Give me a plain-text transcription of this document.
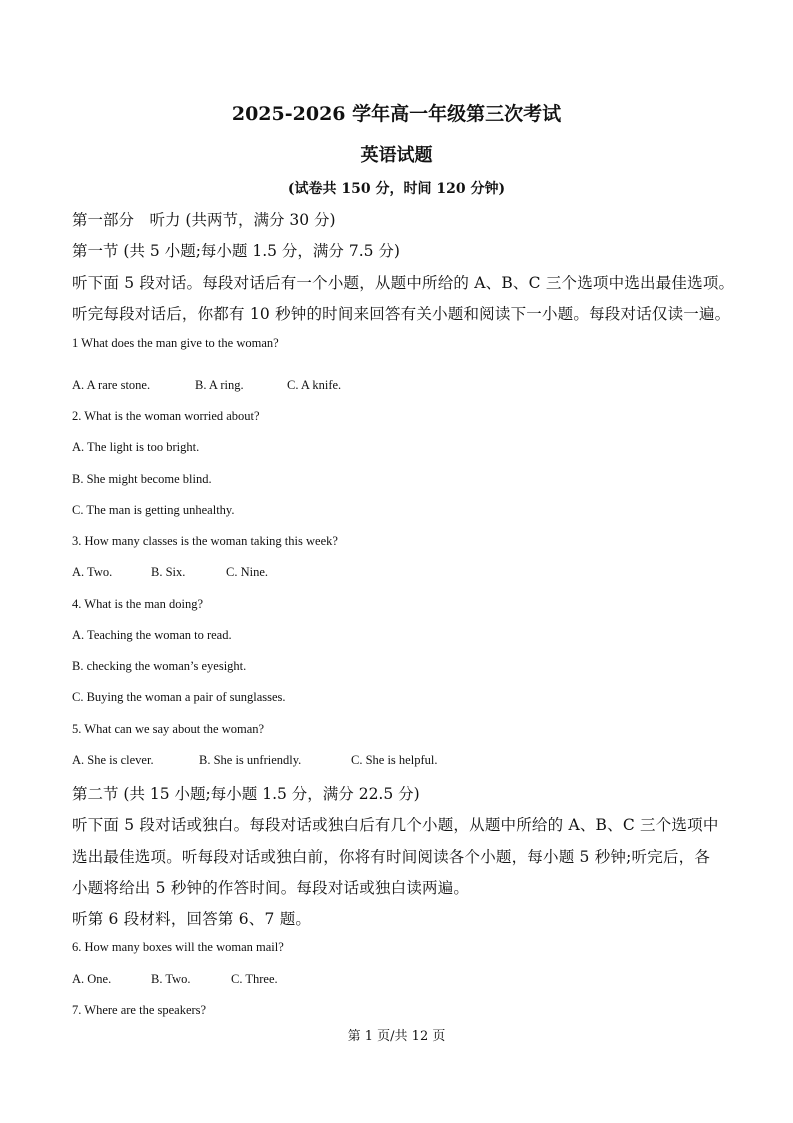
2025-2026 学年高一年级第三次考试
英语试题
(试卷共 150 分，时间 120 分钟)
第一部分　听力 (共两节，满分 30 分)
第一节 (共 5 小题;每小题 1.5 分，满分 7.5 分)
听下面 5 段对话。每段对话后有一个小题，从题中所给的 A、B、C 三个选项中选出最佳选项。
听完每段对话后，你都有 10 秒钟的时间来回答有关小题和阅读下一小题。每段对话仅读一遍。
1 What does the man give to the woman?
A. A rare stone.	B. A ring.	C. A knife.
2. What is the woman worried about?
A. The light is too bright.
B. She might become blind.
C. The man is getting unhealthy.
3. How many classes is the woman taking this week?
A. Two.	B. Six.	C. Nine.
4. What is the man doing?
A. Teaching the woman to read.
B. checking the woman’s eyesight.
C. Buying the woman a pair of sunglasses.
5. What can we say about the woman?
A. She is clever.	B. She is unfriendly.	C. She is helpful.
第二节 (共 15 小题;每小题 1.5 分，满分 22.5 分)
听下面 5 段对话或独白。每段对话或独白后有几个小题，从题中所给的 A、B、C 三个选项中
选出最佳选项。听每段对话或独白前，你将有时间阅读各个小题，每小题 5 秒钟;听完后，各
小题将给出 5 秒钟的作答时间。每段对话或独白读两遍。
听第 6 段材料，回答第 6、7 题。
6. How many boxes will the woman mail?
A. One.	B. Two.	C. Three.
7. Where are the speakers?
第 1 页/共 12 页
